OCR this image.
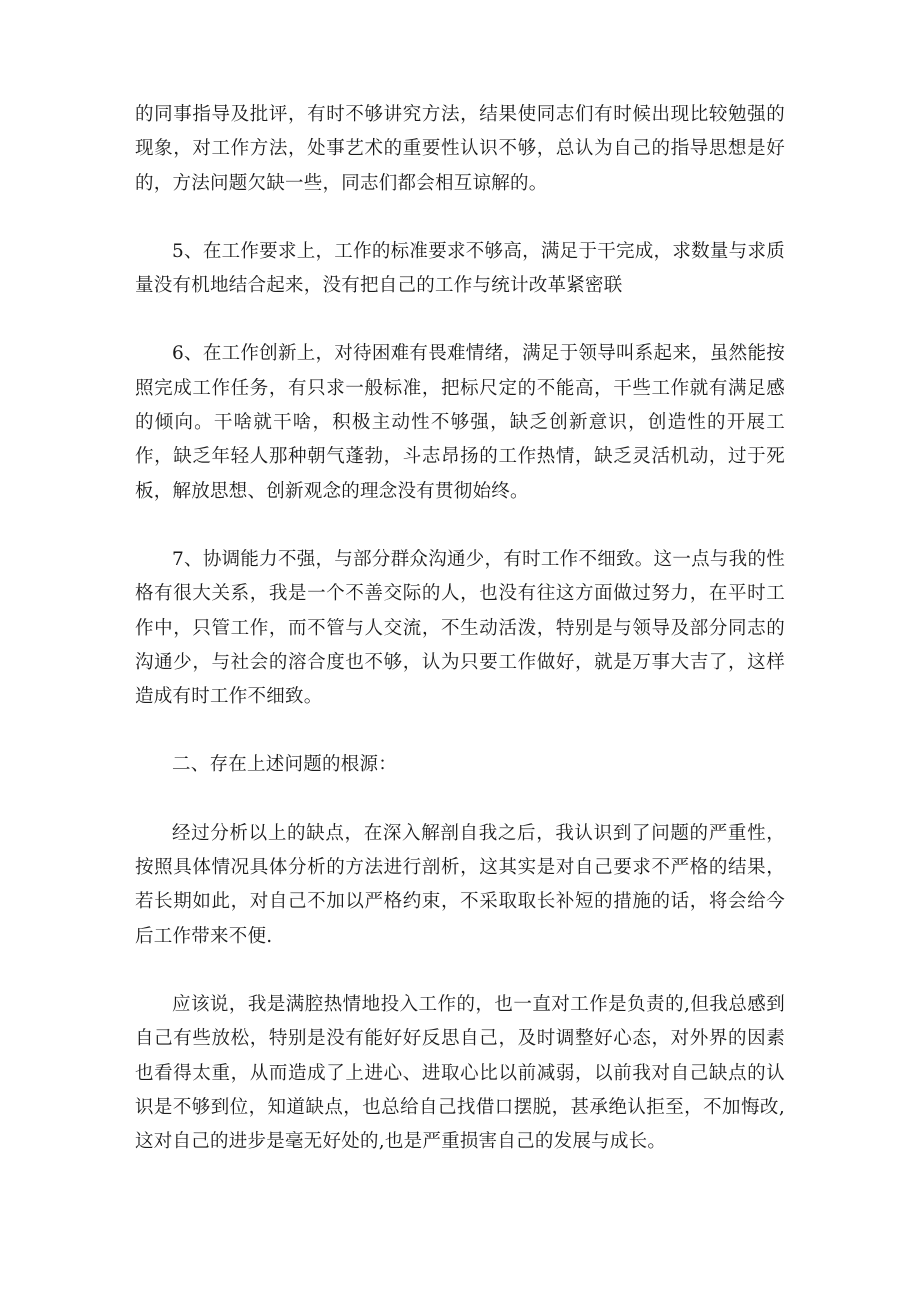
的同事指导及批评，有时不够讲究方法，结果使同志们有时候出现比较勉强的现象，对工作方法，处事艺术的重要性认识不够，总认为自己的指导思想是好的，方法问题欠缺一些，同志们都会相互谅解的。

5、在工作要求上，工作的标准要求不够高，满足于干完成，求数量与求质量没有机地结合起来，没有把自己的工作与统计改革紧密联

6、在工作创新上，对待困难有畏难情绪，满足于领导叫系起来，虽然能按照完成工作任务，有只求一般标准，把标尺定的不能高，干些工作就有满足感的倾向。干啥就干啥，积极主动性不够强，缺乏创新意识，创造性的开展工作，缺乏年轻人那种朝气蓬勃，斗志昂扬的工作热情，缺乏灵活机动，过于死板，解放思想、创新观念的理念没有贯彻始终。

7、协调能力不强，与部分群众沟通少，有时工作不细致。这一点与我的性格有很大关系，我是一个不善交际的人，也没有往这方面做过努力，在平时工作中，只管工作，而不管与人交流，不生动活泼，特别是与领导及部分同志的沟通少，与社会的溶合度也不够，认为只要工作做好，就是万事大吉了，这样造成有时工作不细致。

二、存在上述问题的根源：

经过分析以上的缺点，在深入解剖自我之后，我认识到了问题的严重性，按照具体情况具体分析的方法进行剖析，这其实是对自己要求不严格的结果，若长期如此，对自己不加以严格约束，不采取取长补短的措施的话，将会给今后工作带来不便.

应该说，我是满腔热情地投入工作的，也一直对工作是负责的,但我总感到自己有些放松，特别是没有能好好反思自己，及时调整好心态，对外界的因素也看得太重，从而造成了上进心、进取心比以前减弱，以前我对自己缺点的认识是不够到位，知道缺点，也总给自己找借口摆脱，甚承绝认拒至，不加悔改,这对自己的进步是毫无好处的,也是严重损害自己的发展与成长。
